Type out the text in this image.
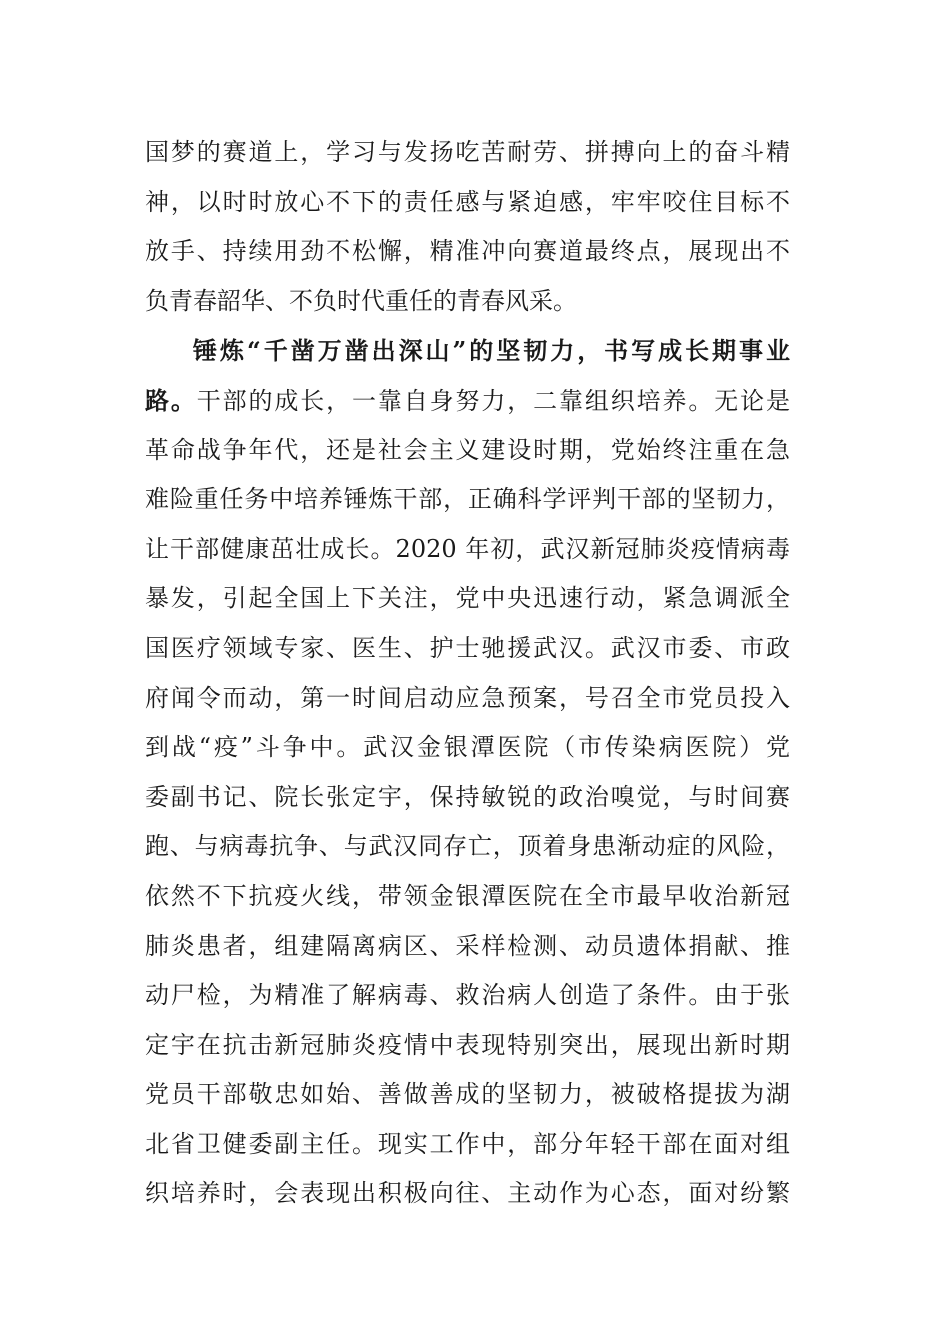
国梦的赛道上，学习与发扬吃苦耐劳、拼搏向上的奋斗精
神，以时时放心不下的责任感与紧迫感，牢牢咬住目标不
放手、持续用劲不松懈，精准冲向赛道最终点，展现出不
负青春韶华、不负时代重任的青春风采。
锤炼“千凿万凿出深山”的坚韧力，书写成长期事业
路。干部的成长，一靠自身努力，二靠组织培养。无论是
革命战争年代，还是社会主义建设时期，党始终注重在急
难险重任务中培养锤炼干部，正确科学评判干部的坚韧力，
让干部健康茁壮成长。2020 年初，武汉新冠肺炎疫情病毒
暴发，引起全国上下关注，党中央迅速行动，紧急调派全
国医疗领域专家、医生、护士驰援武汉。武汉市委、市政
府闻令而动，第一时间启动应急预案，号召全市党员投入
到战“疫”斗争中。武汉金银潭医院（市传染病医院）党
委副书记、院长张定宇，保持敏锐的政治嗅觉，与时间赛
跑、与病毒抗争、与武汉同存亡，顶着身患渐动症的风险，
依然不下抗疫火线，带领金银潭医院在全市最早收治新冠
肺炎患者，组建隔离病区、采样检测、动员遗体捐献、推
动尸检，为精准了解病毒、救治病人创造了条件。由于张
定宇在抗击新冠肺炎疫情中表现特别突出，展现出新时期
党员干部敬忠如始、善做善成的坚韧力，被破格提拔为湖
北省卫健委副主任。现实工作中，部分年轻干部在面对组
织培养时，会表现出积极向往、主动作为心态，面对纷繁
